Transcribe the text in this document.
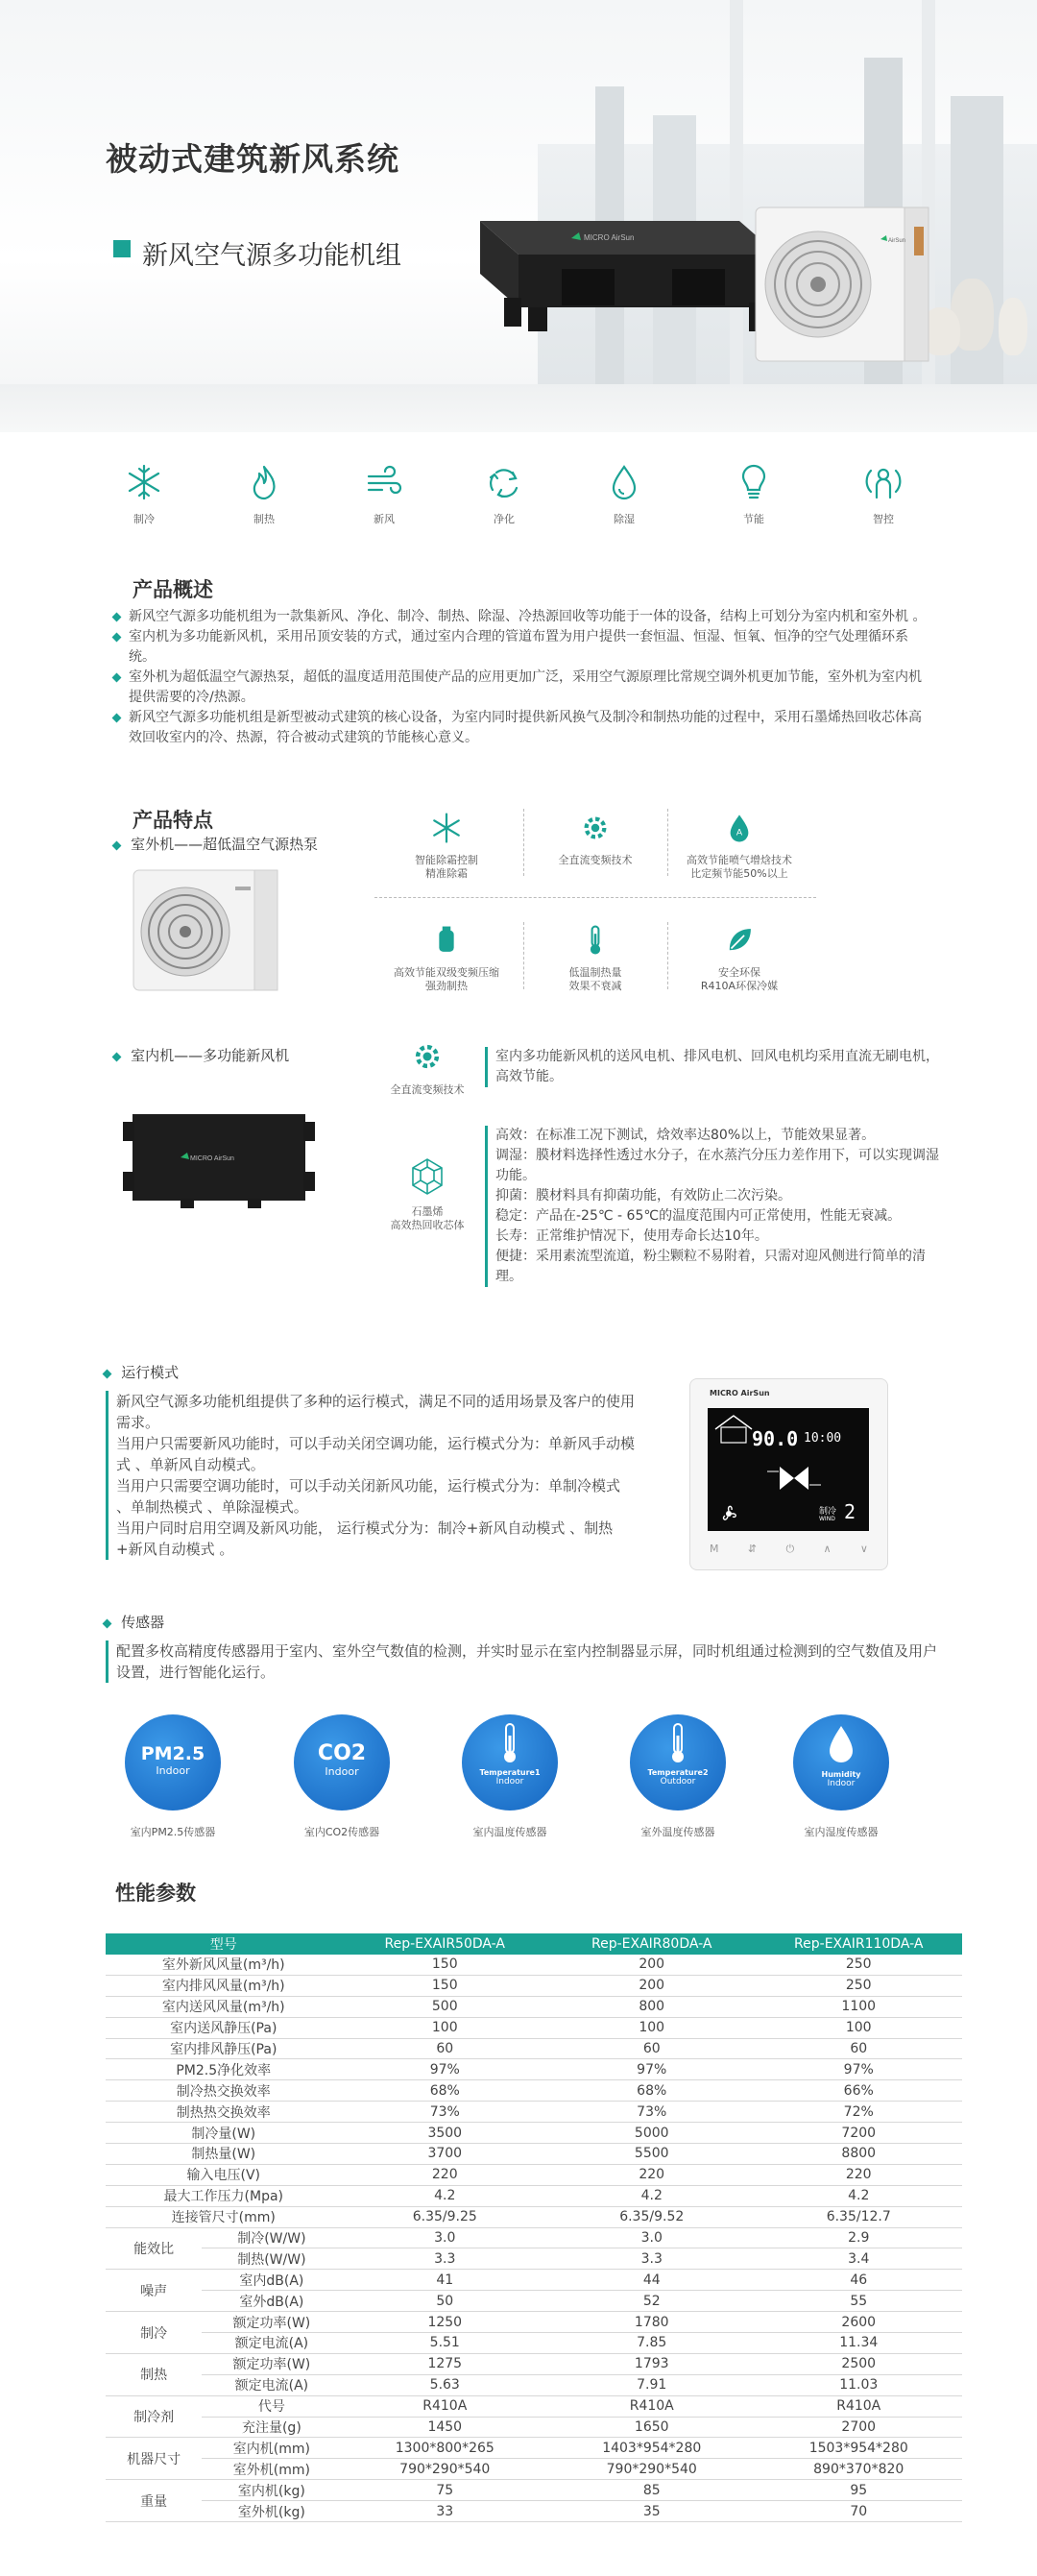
被动式建筑新风系统
新风空气源多功能机组
MICRO AirSun	AirSun
制冷	制热	新风	净化	除湿	节能	智控
产品概述

新风空气源多功能机组为一款集新风、净化、制冷、制热、除湿、冷热源回收等功能于一体的设备，结构上可划分为室内机和室外机 。

室内机为多功能新风机，采用吊顶安装的方式，通过室内合理的管道布置为用户提供一套恒温、恒湿、恒氧、恒净的空气处理循环系统。

室外机为超低温空气源热泵，超低的温度适用范围使产品的应用更加广泛，采用空气源原理比常规空调外机更加节能，室外机为室内机提供需要的冷/热源。

新风空气源多功能机组是新型被动式建筑的核心设备，为室内同时提供新风换气及制冷和制热功能的过程中，采用石墨烯热回收芯体高效回收室内的冷、热源，符合被动式建筑的节能核心意义。

产品特点
室外机——超低温空气源热泵
智能除霜控制
精准除霜
全直流变频技术
A
高效节能喷气增焓技术
比定频节能50%以上
高效节能双级变频压缩
强劲制热
低温制热量
效果不衰减
安全环保
R410A环保冷媒
室内机——多功能新风机
MICRO AirSun
全直流变频技术
室内多功能新风机的送风电机、排风电机、回风电机均采用直流无刷电机，高效节能。
石墨烯
高效热回收芯体
高效：在标准工况下测试，焓效率达80%以上，节能效果显著。
调湿：膜材料选择性透过水分子，在水蒸汽分压力差作用下，可以实现调湿功能。
抑菌：膜材料具有抑菌功能，有效防止二次污染。
稳定：产品在-25℃ - 65℃的温度范围内可正常使用，性能无衰减。
长寿：正常维护情况下，使用寿命长达10年。
便捷：采用素流型流道，粉尘颗粒不易附着，只需对迎风侧进行简单的清理。
运行模式
新风空气源多功能机组提供了多种的运行模式，满足不同的适用场景及客户的使用需求。
当用户只需要新风功能时，可以手动关闭空调功能，运行模式分为：单新风手动模式 、单新风自动模式。
当用户只需要空调功能时，可以手动关闭新风功能，运行模式分为：单制冷模式 、单制热模式 、单除湿模式。
当用户同时启用空调及新风功能， 运行模式分为：制冷+新风自动模式 、制热+新风自动模式 。
MICRO AirSun
90.0 10:00
制冷
WIND 2
M	⇵	⏻	∧	∨
传感器
配置多枚高精度传感器用于室内、室外空气数值的检测，并实时显示在室内控制器显示屏，同时机组通过检测到的空气数值及用户设置，进行智能化运行。
PM2.5
Indoor
室内PM2.5传感器
CO2
Indoor
室内CO2传感器
Temperature1
Indoor
室内温度传感器
Temperature2
Outdoor
室外温度传感器
Humidity
Indoor
室内湿度传感器
性能参数
型号		Rep-EXAIR50DA-A	Rep-EXAIR80DA-A	Rep-EXAIR110DA-A
室外新风风量(m³/h)		150	200	250
室内排风风量(m³/h)		150	200	250
室内送风风量(m³/h)		500	800	1100
室内送风静压(Pa)		100	100	100
室内排风静压(Pa)		60	60	60
PM2.5净化效率		97%	97%	97%
制冷热交换效率		68%	68%	66%
制热热交换效率		73%	73%	72%
制冷量(W)		3500	5000	7200
制热量(W)		3700	5500	8800
输入电压(V)		220	220	220
最大工作压力(Mpa)		4.2	4.2	4.2
连接管尺寸(mm)		6.35/9.25	6.35/9.52	6.35/12.7
能效比	制冷(W/W)	3.0	3.0	2.9
	制热(W/W)	3.3	3.3	3.4
噪声	室内dB(A)	41	44	46
	室外dB(A)	50	52	55
制冷	额定功率(W)	1250	1780	2600
	额定电流(A)	5.51	7.85	11.34
制热	额定功率(W)	1275	1793	2500
	额定电流(A)	5.63	7.91	11.03
制冷剂	代号	R410A	R410A	R410A
	充注量(g)	1450	1650	2700
机器尺寸	室内机(mm)	1300*800*265	1403*954*280	1503*954*280
	室外机(mm)	790*290*540	790*290*540	890*370*820
重量	室内机(kg)	75	85	95
	室外机(kg)	33	35	70
